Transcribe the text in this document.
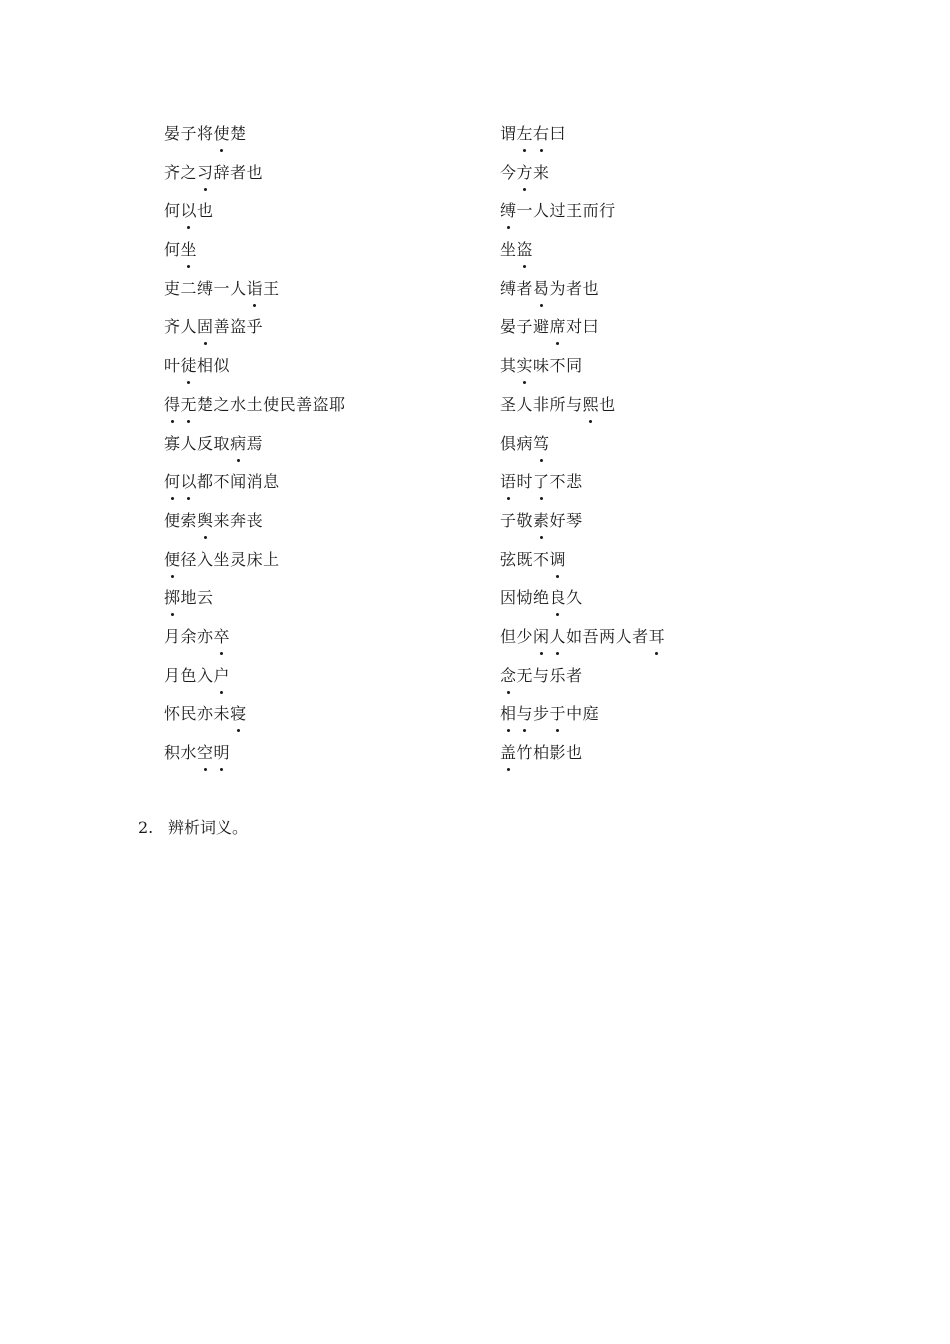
晏子将使楚	谓左右曰
齐之习辞者也	今方来
何以也	缚一人过王而行
何坐	坐盗
吏二缚一人诣王	缚者曷为者也
齐人固善盗乎	晏子避席对曰
叶徒相似	其实味不同
得无楚之水土使民善盗耶	圣人非所与熙也
寡人反取病焉	俱病笃
何以都不闻消息	语时了不悲
便索舆来奔丧	子敬素好琴
便径入坐灵床上	弦既不调
掷地云	因恸绝良久
月余亦卒	但少闲人如吾两人者耳
月色入户	念无与乐者
怀民亦未寝	相与步于中庭
积水空明	盖竹柏影也
2. 辨析词义。
